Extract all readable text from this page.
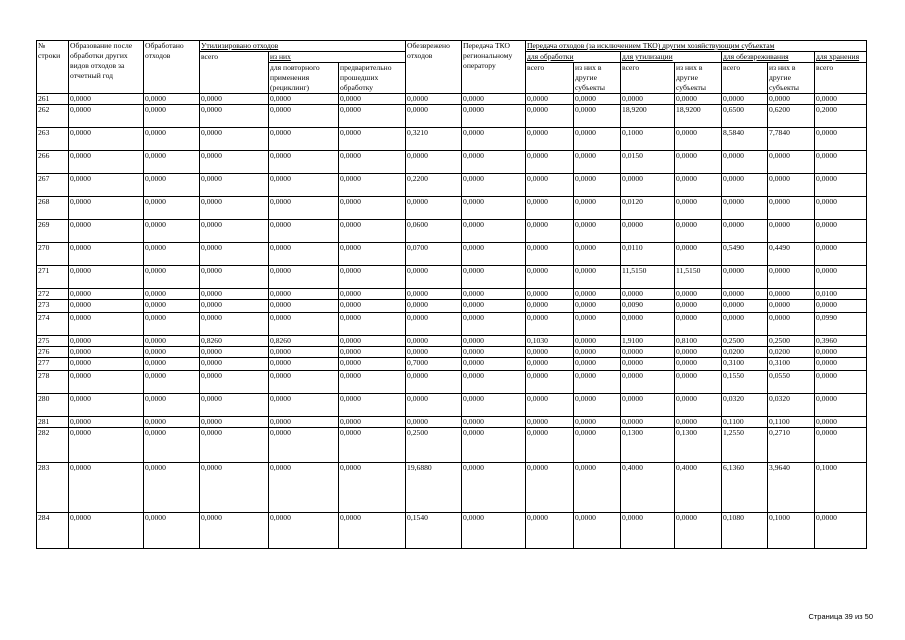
№ строки	Образование после обработки других видов отходов за отчетный год	Обработано отходов	Утилизировано отходов			Обезврежено отходов	Передача ТКО региональному оператору	Передача отходов (за исключением ТКО) другим хозяйствующим субъектам						
			всего	из них				для обработки		для утилизации		для обезвреживания		для хранения
				для повторного применения (рециклинг)	предварительно прошедших обработку			всего	из них в другие субъекты	всего	из них в другие субъекты	всего	из них в другие субъекты	всего
261	0,0000	0,0000	0,0000	0,0000	0,0000	0,0000	0,0000	0,0000	0,0000	0,0000	0,0000	0,0000	0,0000	0,0000
262	0,0000	0,0000	0,0000	0,0000	0,0000	0,0000	0,0000	0,0000	0,0000	18,9200	18,9200	0,6500	0,6200	0,2000
263	0,0000	0,0000	0,0000	0,0000	0,0000	0,3210	0,0000	0,0000	0,0000	0,1000	0,0000	8,5840	7,7840	0,0000
266	0,0000	0,0000	0,0000	0,0000	0,0000	0,0000	0,0000	0,0000	0,0000	0,0150	0,0000	0,0000	0,0000	0,0000
267	0,0000	0,0000	0,0000	0,0000	0,0000	0,2200	0,0000	0,0000	0,0000	0,0000	0,0000	0,0000	0,0000	0,0000
268	0,0000	0,0000	0,0000	0,0000	0,0000	0,0000	0,0000	0,0000	0,0000	0,0120	0,0000	0,0000	0,0000	0,0000
269	0,0000	0,0000	0,0000	0,0000	0,0000	0,0600	0,0000	0,0000	0,0000	0,0000	0,0000	0,0000	0,0000	0,0000
270	0,0000	0,0000	0,0000	0,0000	0,0000	0,0700	0,0000	0,0000	0,0000	0,0110	0,0000	0,5490	0,4490	0,0000
271	0,0000	0,0000	0,0000	0,0000	0,0000	0,0000	0,0000	0,0000	0,0000	11,5150	11,5150	0,0000	0,0000	0,0000
272	0,0000	0,0000	0,0000	0,0000	0,0000	0,0000	0,0000	0,0000	0,0000	0,0000	0,0000	0,0000	0,0000	0,0100
273	0,0000	0,0000	0,0000	0,0000	0,0000	0,0000	0,0000	0,0000	0,0000	0,0090	0,0000	0,0000	0,0000	0,0000
274	0,0000	0,0000	0,0000	0,0000	0,0000	0,0000	0,0000	0,0000	0,0000	0,0000	0,0000	0,0000	0,0000	0,0990
275	0,0000	0,0000	0,8260	0,8260	0,0000	0,0000	0,0000	0,1030	0,0000	1,9100	0,8100	0,2500	0,2500	0,3960
276	0,0000	0,0000	0,0000	0,0000	0,0000	0,0000	0,0000	0,0000	0,0000	0,0000	0,0000	0,0200	0,0200	0,0000
277	0,0000	0,0000	0,0000	0,0000	0,0000	0,7000	0,0000	0,0000	0,0000	0,0000	0,0000	0,3100	0,3100	0,0000
278	0,0000	0,0000	0,0000	0,0000	0,0000	0,0000	0,0000	0,0000	0,0000	0,0000	0,0000	0,1550	0,0550	0,0000
280	0,0000	0,0000	0,0000	0,0000	0,0000	0,0000	0,0000	0,0000	0,0000	0,0000	0,0000	0,0320	0,0320	0,0000
281	0,0000	0,0000	0,0000	0,0000	0,0000	0,0000	0,0000	0,0000	0,0000	0,0000	0,0000	0,1100	0,1100	0,0000
282	0,0000	0,0000	0,0000	0,0000	0,0000	0,2500	0,0000	0,0000	0,0000	0,1300	0,1300	1,2550	0,2710	0,0000
283	0,0000	0,0000	0,0000	0,0000	0,0000	19,6880	0,0000	0,0000	0,0000	0,4000	0,4000	6,1360	3,9640	0,1000
284	0,0000	0,0000	0,0000	0,0000	0,0000	0,1540	0,0000	0,0000	0,0000	0,0000	0,0000	0,1080	0,1000	0,0000
Страница 39 из 50
